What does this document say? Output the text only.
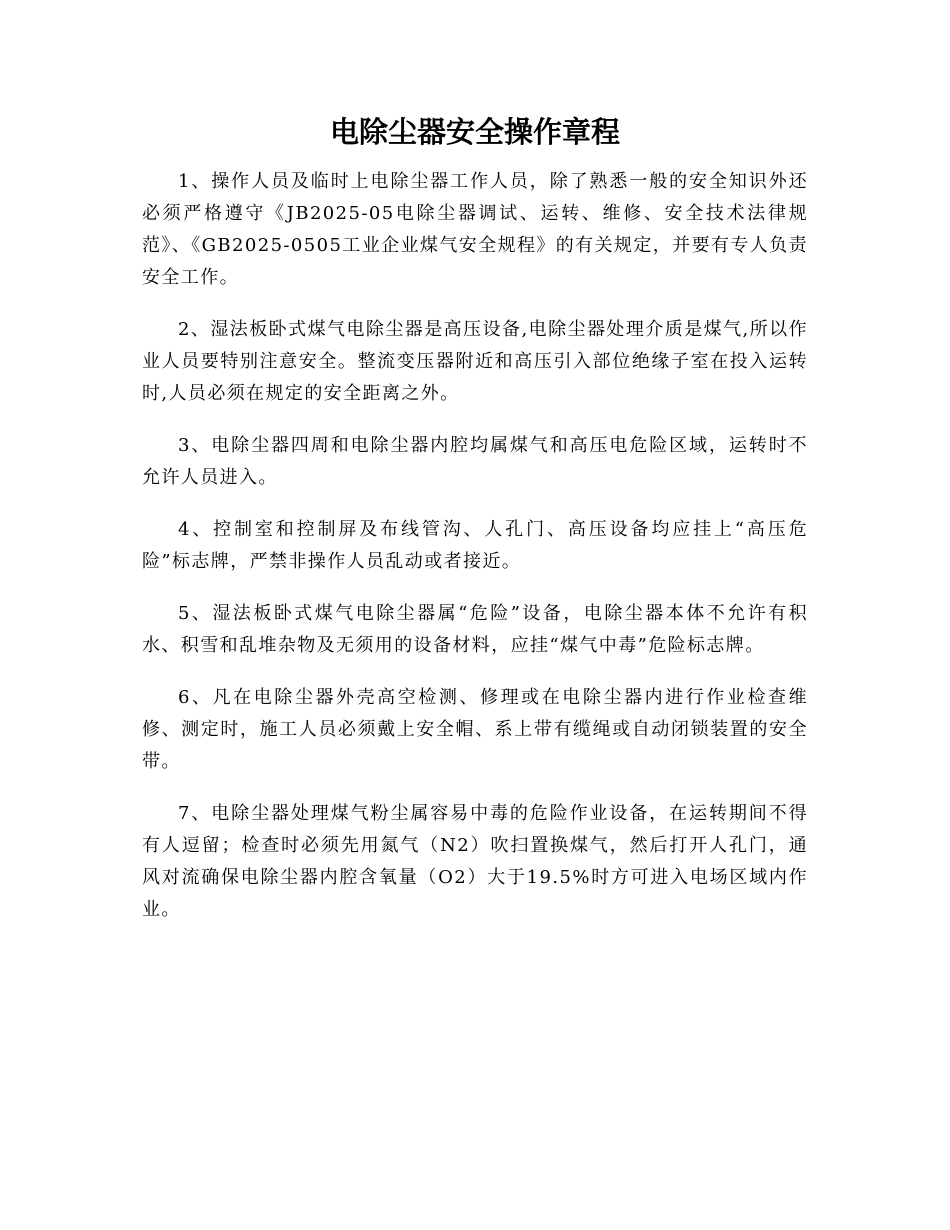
电除尘器安全操作章程

1、操作人员及临时上电除尘器工作人员，除了熟悉一般的安全知识外还必须严格遵守《JB2025-05电除尘器调试、运转、维修、安全技术法律规范》、《GB2025-0505工业企业煤气安全规程》的有关规定，并要有专人负责安全工作。

2、湿法板卧式煤气电除尘器是高压设备,电除尘器处理介质是煤气,所以作业人员要特别注意安全。整流变压器附近和高压引入部位绝缘子室在投入运转时,人员必须在规定的安全距离之外。

3、电除尘器四周和电除尘器内腔均属煤气和高压电危险区域，运转时不允许人员进入。

4、控制室和控制屏及布线管沟、人孔门、高压设备均应挂上“高压危险”标志牌，严禁非操作人员乱动或者接近。

5、湿法板卧式煤气电除尘器属“危险”设备，电除尘器本体不允许有积水、积雪和乱堆杂物及无须用的设备材料，应挂“煤气中毒”危险标志牌。

6、凡在电除尘器外壳高空检测、修理或在电除尘器内进行作业检查维修、测定时，施工人员必须戴上安全帽、系上带有缆绳或自动闭锁装置的安全带。

7、电除尘器处理煤气粉尘属容易中毒的危险作业设备，在运转期间不得有人逗留；检查时必须先用氮气（N2）吹扫置换煤气，然后打开人孔门，通风对流确保电除尘器内腔含氧量（O2）大于19.5%时方可进入电场区域内作业。
